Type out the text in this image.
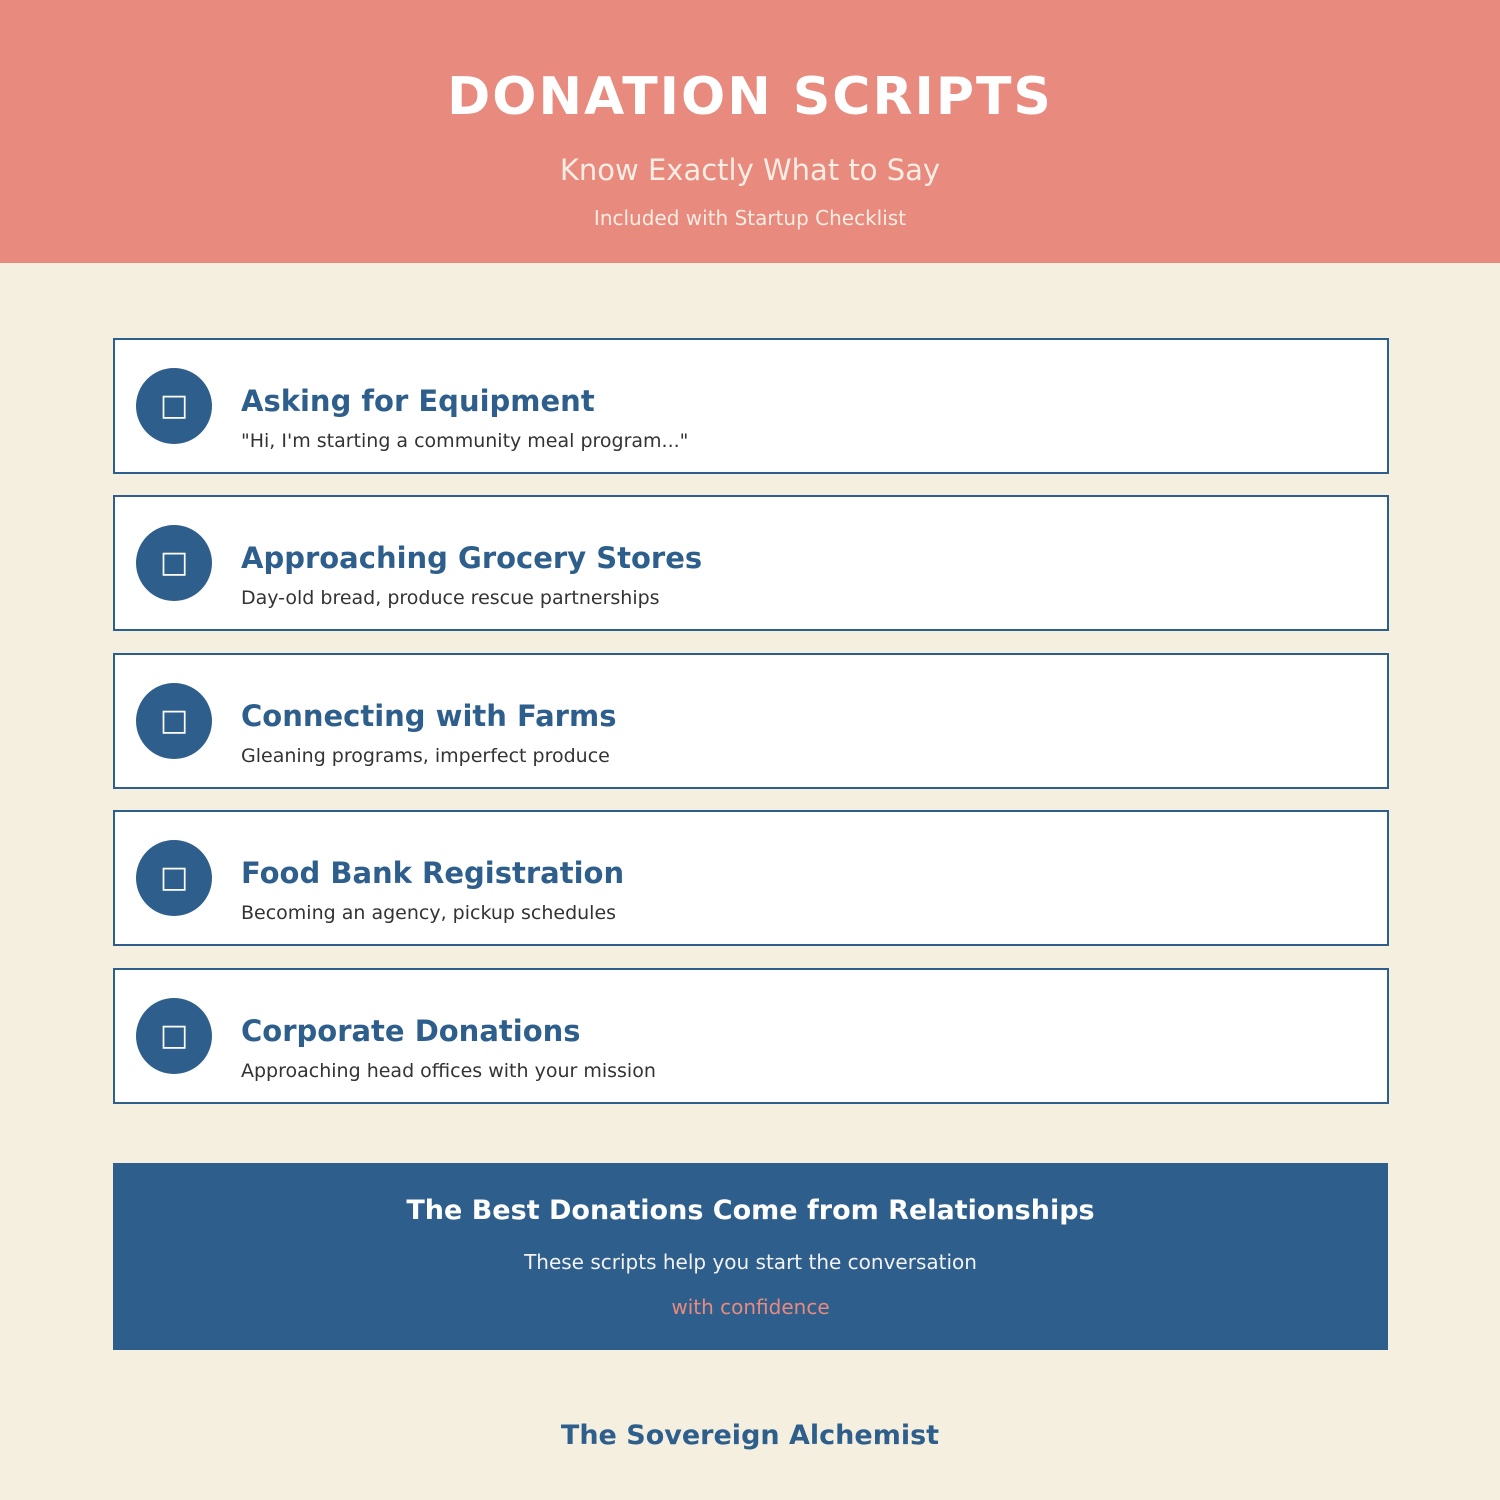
DONATION SCRIPTS
Know Exactly What to Say
Included with Startup Checklist
□	Asking for Equipment
"Hi, I'm starting a community meal program..."
□	Approaching Grocery Stores
Day-old bread, produce rescue partnerships
□	Connecting with Farms
Gleaning programs, imperfect produce
□	Food Bank Registration
Becoming an agency, pickup schedules
□	Corporate Donations
Approaching head offices with your mission
The Best Donations Come from Relationships
These scripts help you start the conversation
with confidence
The Sovereign Alchemist
